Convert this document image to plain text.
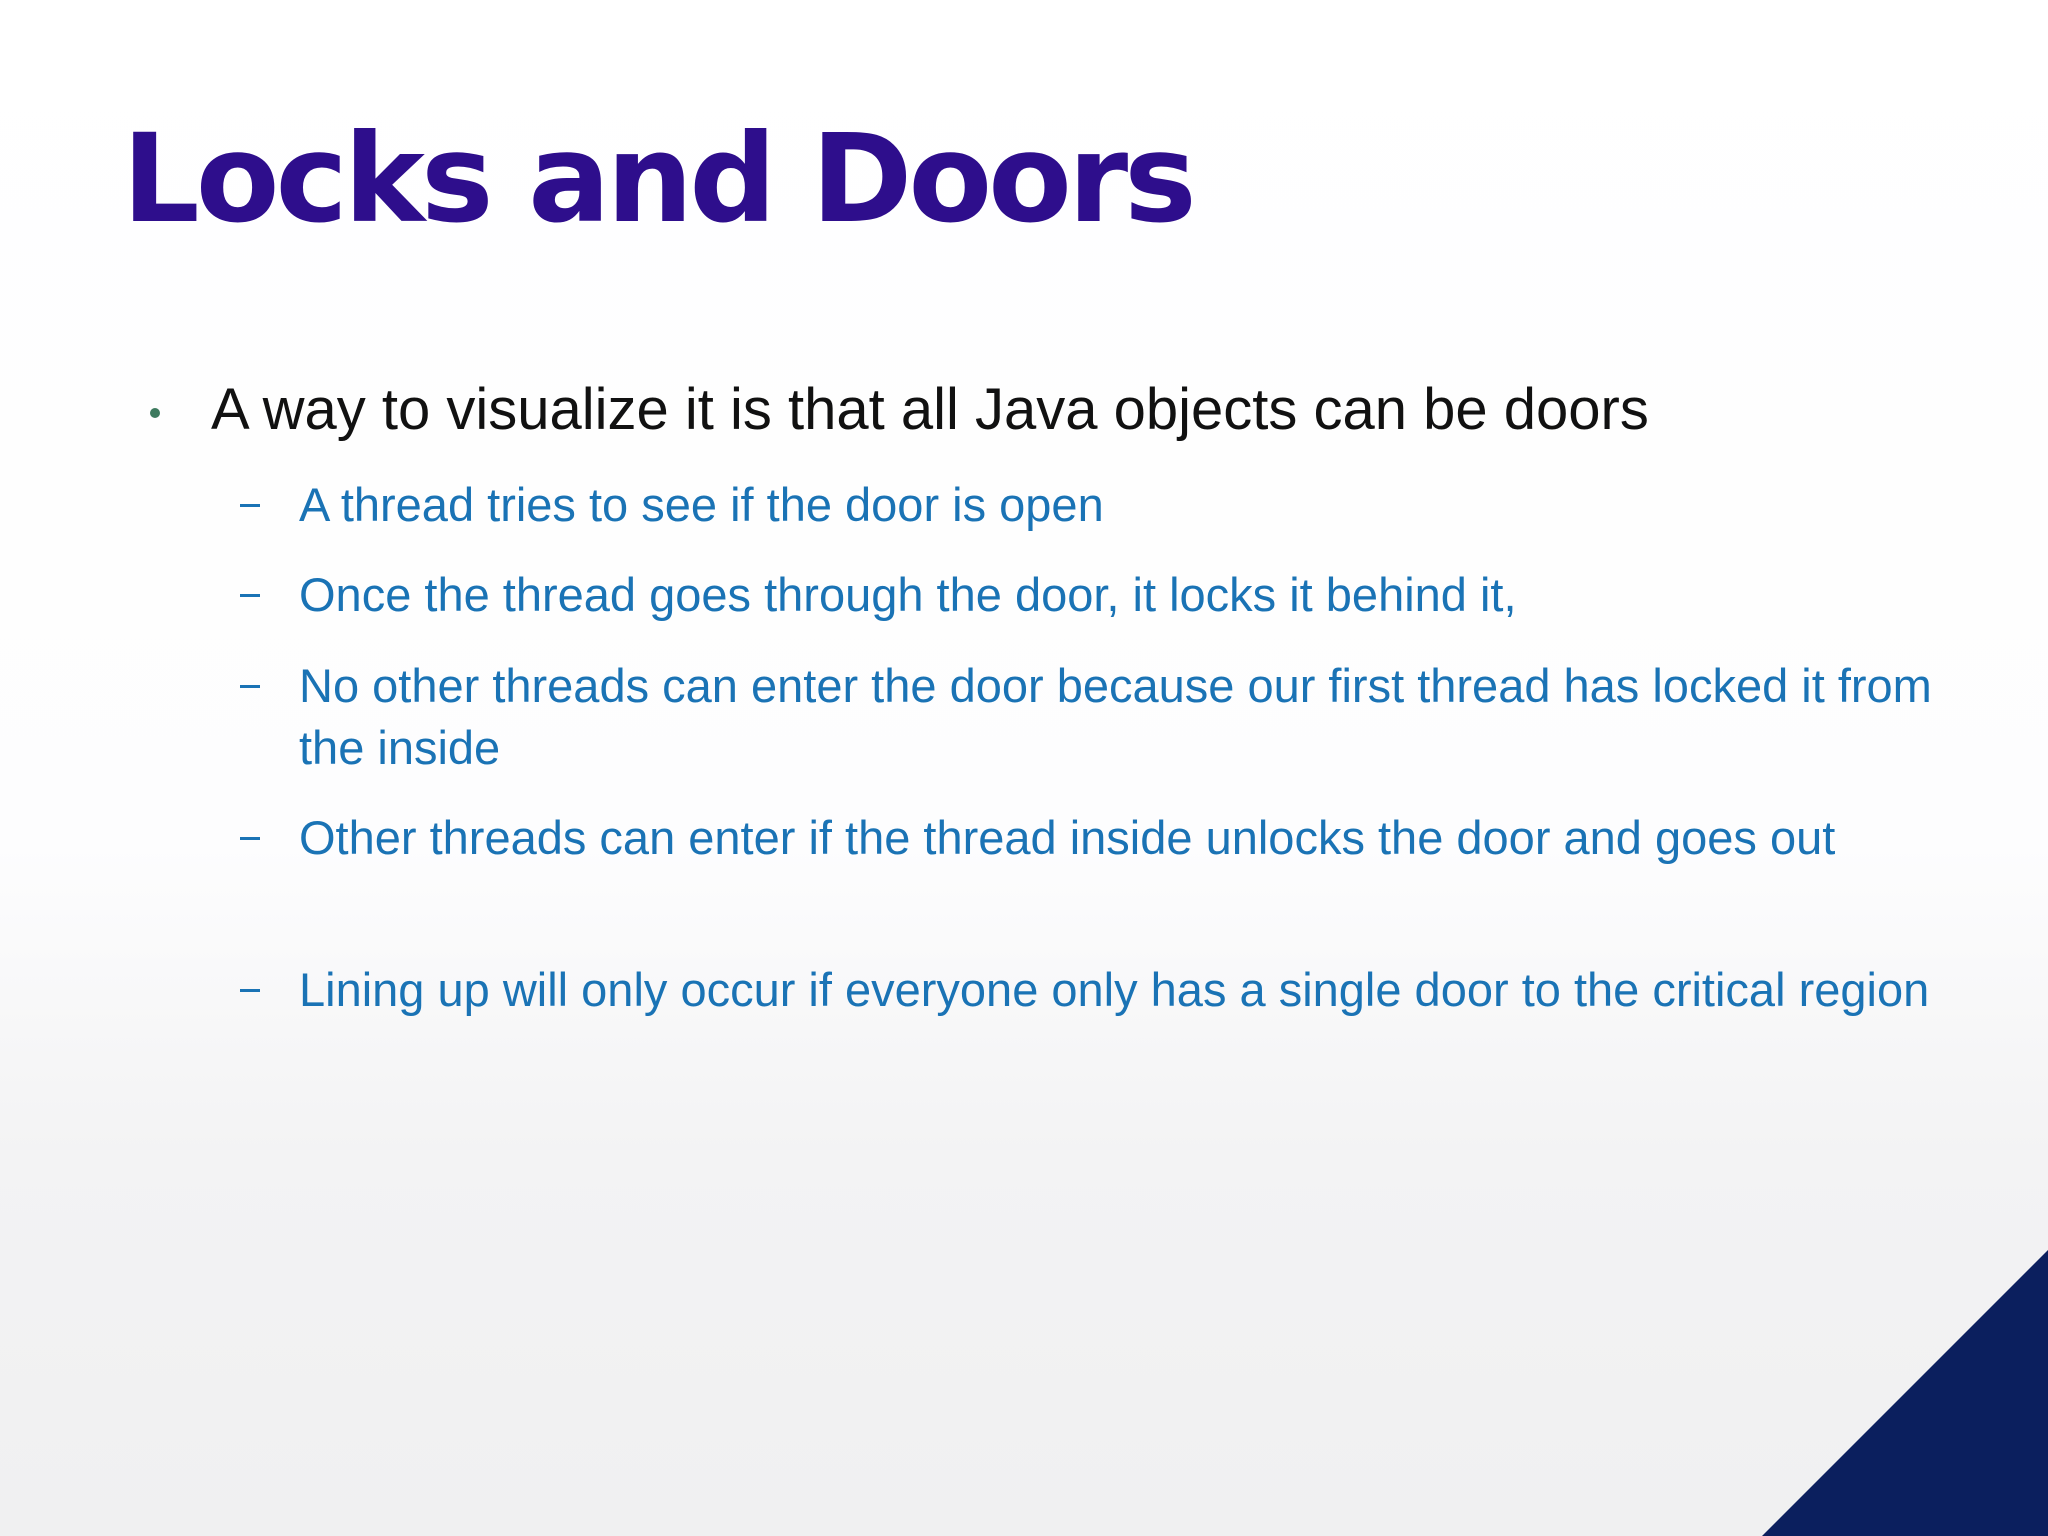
Locks and Doors
A way to visualize it is that all Java objects can be doors
A thread tries to see if the door is open
Once the thread goes through the door, it locks it behind it,
No other threads can enter the door because our first thread has locked it from the inside
Other threads can enter if the thread inside unlocks the door and goes out
Lining up will only occur if everyone only has a single door to the critical region
